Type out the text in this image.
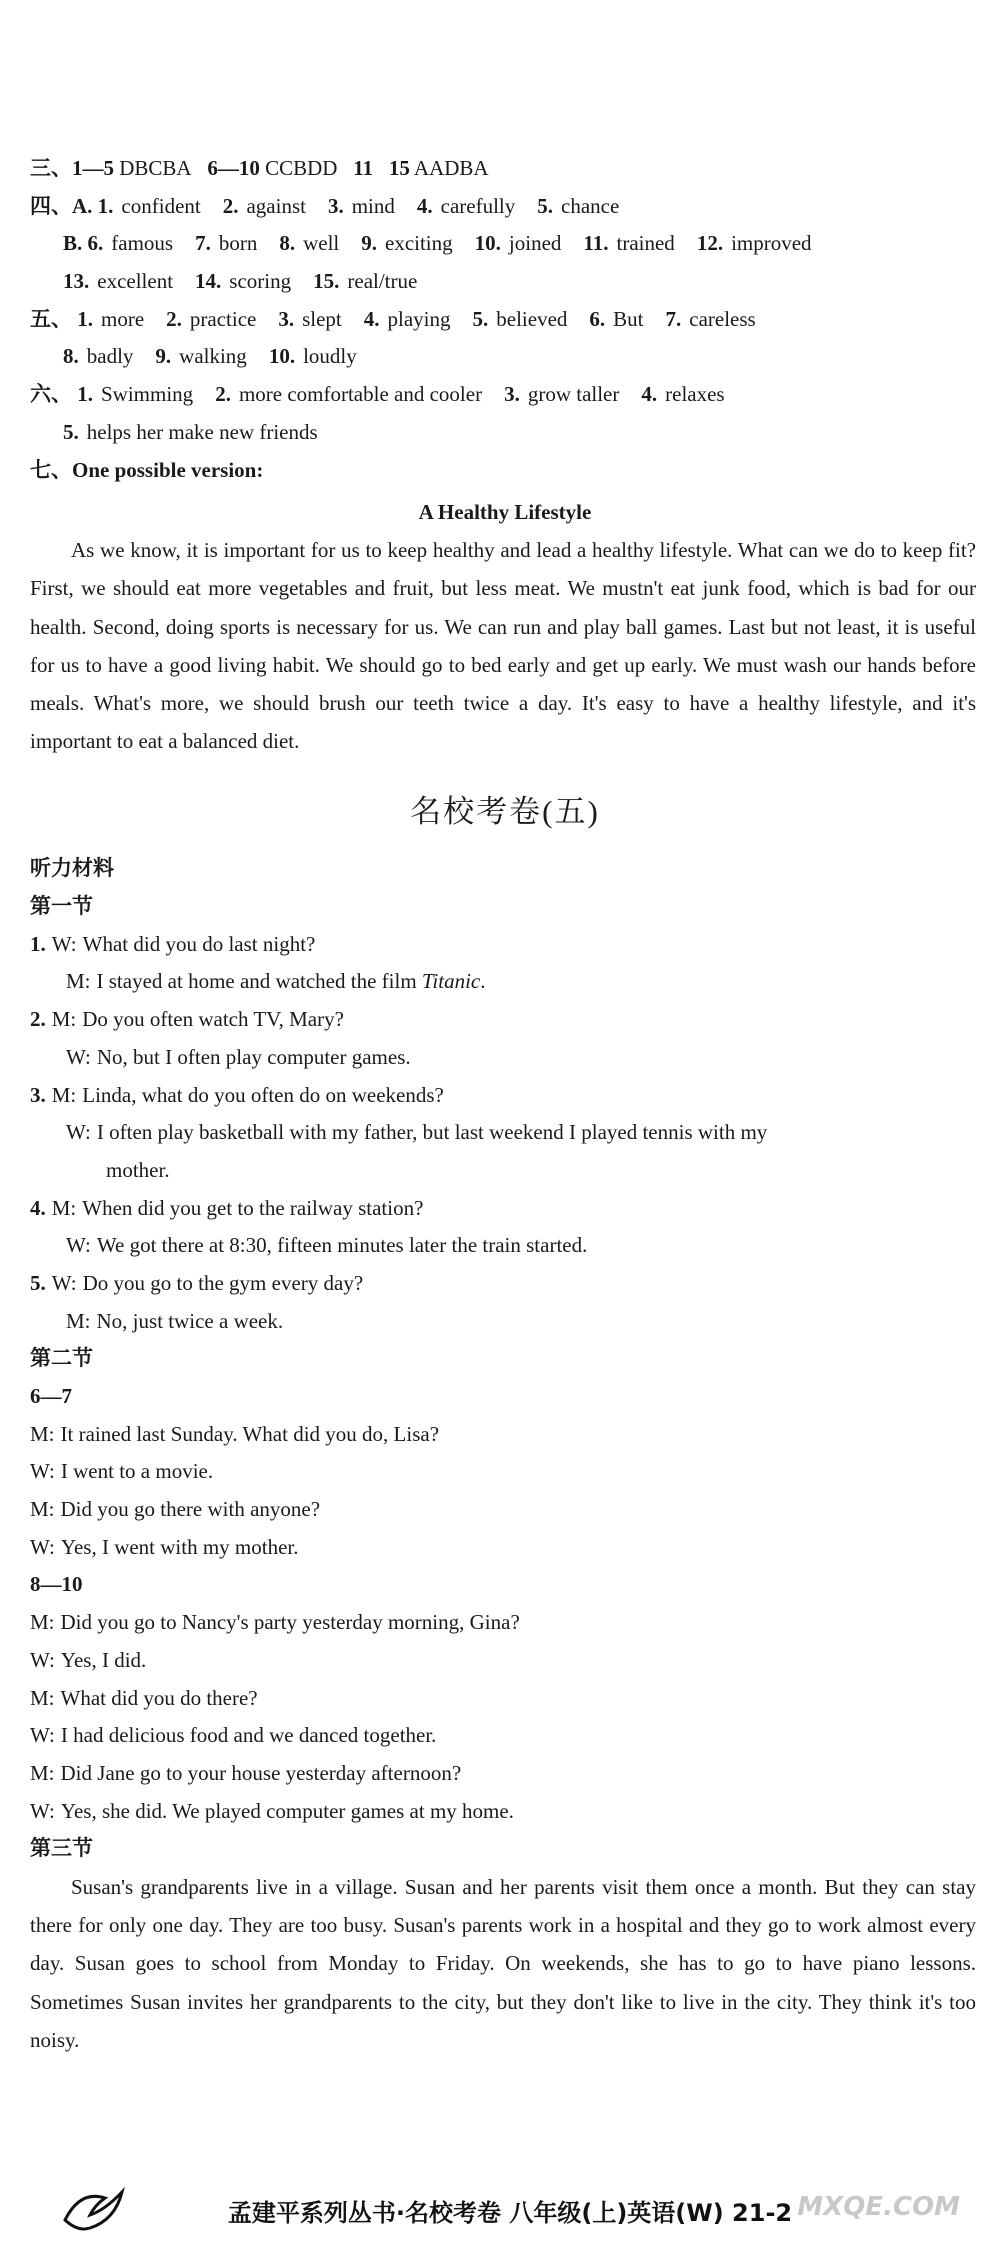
三、1—5 DBCBA 6—10 CCBDD 11 15 AADBA
四、A. 1. confident 2. against 3. mind 4. carefully 5. chance
B. 6. famous 7. born 8. well 9. exciting 10. joined 11. trained 12. improved
13. excellent 14. scoring 15. real/true
五、 1. more 2. practice 3. slept 4. playing 5. believed 6. But 7. careless
8. badly 9. walking 10. loudly
六、 1. Swimming 2. more comfortable and cooler 3. grow taller 4. relaxes
5. helps her make new friends
七、One possible version:
A Healthy Lifestyle

As we know, it is important for us to keep healthy and lead a healthy lifestyle. What can we do to keep fit? First, we should eat more vegetables and fruit, but less meat. We mustn't eat junk food, which is bad for our health. Second, doing sports is necessary for us. We can run and play ball games. Last but not least, it is useful for us to have a good living habit. We should go to bed early and get up early. We must wash our hands before meals. What's more, we should brush our teeth twice a day. It's easy to have a healthy lifestyle, and it's important to eat a balanced diet.

名校考卷(五)
听力材料
第一节
1. W: What did you do last night?
M: I stayed at home and watched the film Titanic.
2. M: Do you often watch TV, Mary?
W: No, but I often play computer games.
3. M: Linda, what do you often do on weekends?
W: I often play basketball with my father, but last weekend I played tennis with my
mother.
4. M: When did you get to the railway station?
W: We got there at 8:30, fifteen minutes later the train started.
5. W: Do you go to the gym every day?
M: No, just twice a week.
第二节
6—7
M: It rained last Sunday. What did you do, Lisa?
W: I went to a movie.
M: Did you go there with anyone?
W: Yes, I went with my mother.
8—10
M: Did you go to Nancy's party yesterday morning, Gina?
W: Yes, I did.
M: What did you do there?
W: I had delicious food and we danced together.
M: Did Jane go to your house yesterday afternoon?
W: Yes, she did. We played computer games at my home.
第三节

Susan's grandparents live in a village. Susan and her parents visit them once a month. But they can stay there for only one day. They are too busy. Susan's parents work in a hospital and they go to work almost every day. Susan goes to school from Monday to Friday. On weekends, she has to go to have piano lessons. Sometimes Susan invites her grandparents to the city, but they don't like to live in the city. They think it's too noisy.

孟建平系列丛书·名校考卷 八年级(上)英语(W) 21-2 MXQE.COM
